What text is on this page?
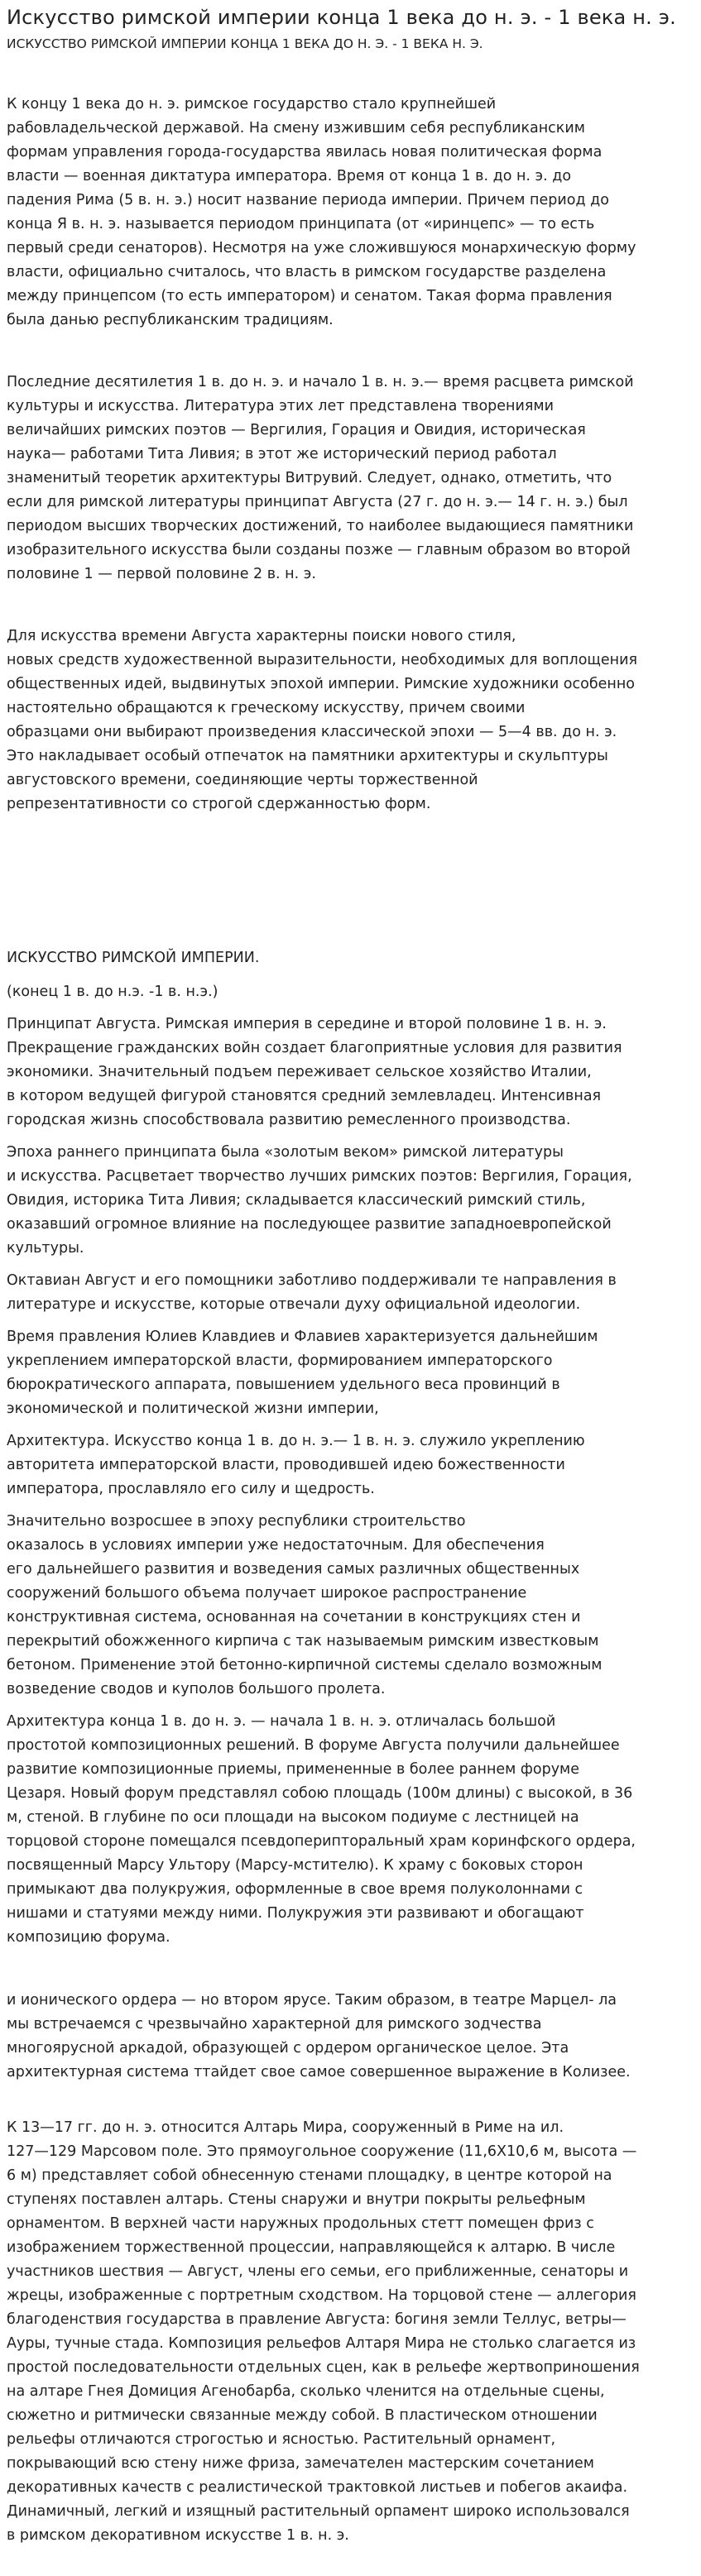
Искусство римской империи конца 1 века до н. э. - 1 века н. э.
ИСКУССТВО РИМСКОЙ ИМПЕРИИ КОНЦА 1 ВЕКА ДО Н. Э. - 1 ВЕКА Н. Э.

К концу 1 века до н. э. римское государство стало крупнейшей
рабовладельческой державой. На смену изжившим себя республиканским
формам управления города-государства явилась новая политическая форма
власти — военная диктатура императора. Время от конца 1 в. до н. э. до
падения Рима (5 в. н. э.) носит название периода империи. Причем период до
конца Я в. н. э. называется периодом принципата (от «иринцепс» — то есть
первый среди сенаторов). Несмотря на уже сложившуюся монархическую форму
власти, официально считалось, что власть в римском государстве разделена
между принцепсом (то есть императором) и сенатом. Такая форма правления
была данью республиканским традициям.

Последние десятилетия 1 в. до н. э. и начало 1 в. н. э.— время расцвета римской
культуры и искусства. Литература этих лет представлена творениями
величайших римских поэтов — Вергилия, Горация и Овидия, историческая
наука— работами Тита Ливия; в этот же исторический период работал
знаменитый теоретик архитектуры Витрувий. Следует, однако, отметить, что
если для римской литературы принципат Августа (27 г. до н. э.— 14 г. н. э.) был
периодом высших творческих достижений, то наиболее выдающиеся памятники
изобразительного искусства были созданы позже — главным образом во второй
половине 1 — первой половине 2 в. н. э.

Для искусства времени Августа характерны поиски нового стиля,
новых средств художественной выразительности, необходимых для воплощения
общественных идей, выдвинутых эпохой империи. Римские художники особенно
настоятельно обращаются к греческому искусству, причем своими
образцами они выбирают произведения классической эпохи — 5—4 вв. до н. э.
Это накладывает особый отпечаток на памятники архитектуры и скульптуры
августовского времени, соединяющие черты торжественной
репрезентативности со строгой сдержанностью форм.

ИСКУССТВО РИМСКОЙ ИМПЕРИИ.

(конец 1 в. до н.э. -1 в. н.э.)

Принципат Августа. Римская империя в середине и второй половине 1 в. н. э.
Прекращение гражданских войн создает благоприятные условия для развития
экономики. Значительный подъем переживает сельское хозяйство Италии,
в котором ведущей фигурой становятся средний землевладец. Интенсивная
городская жизнь способствовала развитию ремесленного производства.

Эпоха раннего принципата была «золотым веком» римской литературы
и искусства. Расцветает творчество лучших римских поэтов: Вергилия, Горация,
Овидия, историка Тита Ливия; складывается классический римский стиль,
оказавший огромное влияние на последующее развитие западноевропейской
культуры.

Октавиан Август и его помощники заботливо поддерживали те направления в
литературе и искусстве, которые отвечали духу официальной идеологии.

Время правления Юлиев Клавдиев и Флавиев характеризуется дальнейшим
укреплением императорской власти, формированием императорского
бюрократического аппарата, повышением удельного веса провинций в
экономической и политической жизни империи,

Архитектура. Искусство конца 1 в. до н. э.— 1 в. н. э. служило укреплению
авторитета императорской власти, проводившей идею божественности
императора, прославляло его силу и щедрость.

Значительно возросшее в эпоху республики строительство
оказалось в условиях империи уже недостаточным. Для обеспечения
его дальнейшего развития и возведения самых различных общественных
сооружений большого объема получает широкое распространение
конструктивная система, основанная на сочетании в конструкциях стен и
перекрытий обожженного кирпича с так называемым римским известковым
бетоном. Применение этой бетонно-кирпичной системы сделало возможным
возведение сводов и куполов большого пролета.

Архитектура конца 1 в. до н. э. — начала 1 в. н. э. отличалась большой
простотой композиционных решений. В форуме Августа получили дальнейшее
развитие композиционные приемы, примененные в более раннем форуме
Цезаря. Новый форум представлял собою площадь (100м длины) с высокой, в 36
м, стеной. В глубине по оси площади на высоком подиуме с лестницей на
торцовой стороне помещался псевдопериптоpальный храм коринфского ордера,
посвященный Марсу Ультору (Марсу-мстителю). К храму с боковых сторон
примыкают два полукружия, оформленные в свое время полуколоннами с
нишами и статуями между ними. Полукружия эти развивают и обогащают
композицию форума.

и ионического ордера — но втором ярусе. Таким образом, в театре Марцел- ла
мы встречаемся с чрезвычайно характерной для римского зодчества
многоярусной аркадой, образующей с ордером органическое целое. Эта
архитектурная система ттайдет свое самое совершенное выражение в Колизее.

К 13—17 гг. до н. э. относится Алтарь Мира, сооруженный в Риме на ил.
127—129 Марсовом поле. Это прямоугольное сооружение (11,6Х10,6 м, высота —
6 м) представляет собой обнесенную стенами площадку, в центре которой на
ступенях поставлен алтарь. Стены снаружи и внутри покрыты рельефным
орнаментом. В верхней части наружных продольных стетт помещен фриз с
изображением торжественной процессии, направляющейся к алтарю. В числе
участников шествия — Август, члены его семьи, его приближенные, сенаторы и
жрецы, изображенные с портретным сходством. На торцовой стене — аллегория
благоденствия государства в правление Августа: богиня земли Теллус, ветры—
Ауры, тучные стада. Композиция рельефов Алтаря Мира не столько слагается из
простой последовательности отдельных сцен, как в рельефе жертвоприношения
на алтаре Гнея Домиция Агенобарба, сколько членится на отдельные сцены,
сюжетно и ритмически связанные между собой. В пластическом отношении
рельефы отличаются строгостью и ясностью. Растительный орнамент,
покрывающий всю стену ниже фриза, замечателен мастерским сочетанием
декоративных качеств с реалистической трактовкой листьев и побегов акаифа.
Динамичный, легкий и изящный растительный орпамент широко использовался
в римском декоративном искусстве 1 в. н. э.
